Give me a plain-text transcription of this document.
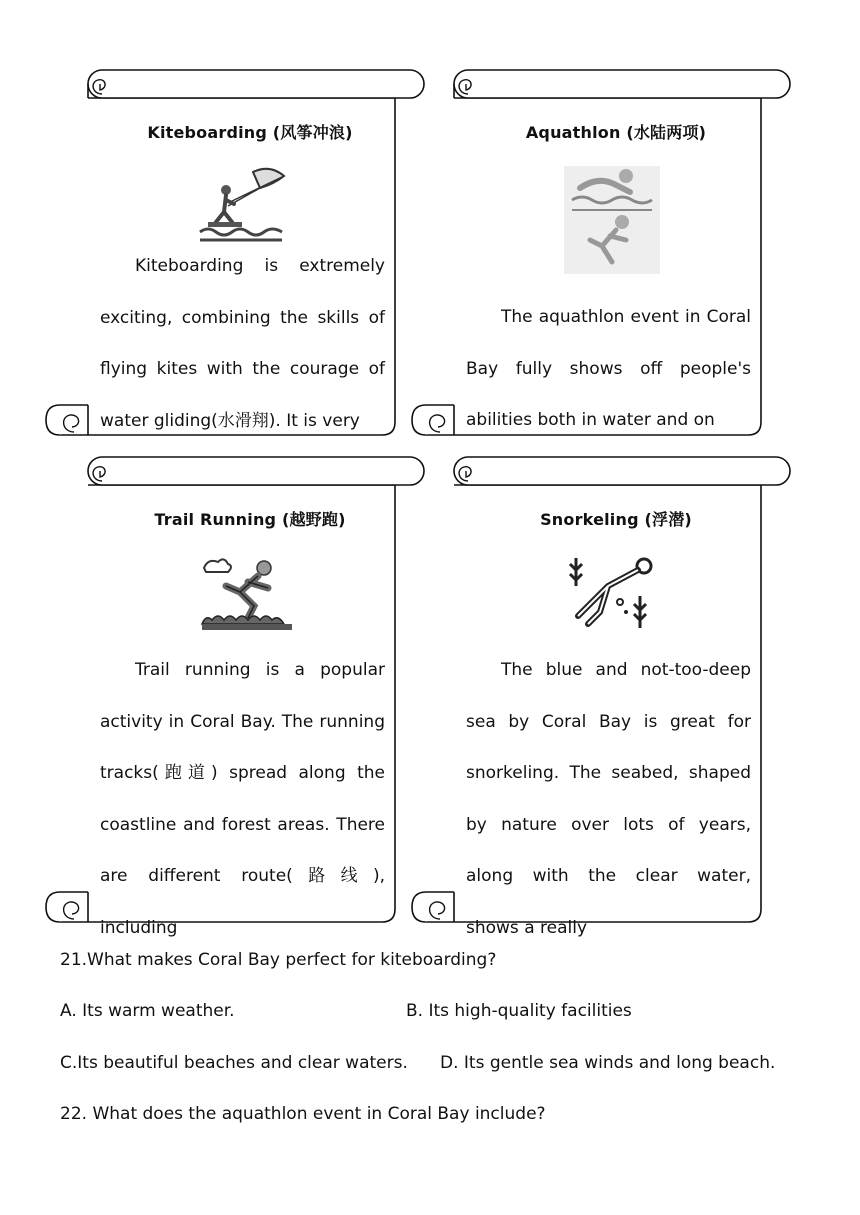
Kiteboarding (风筝冲浪)
Kiteboarding is extremely exciting, combining the skills of flying kites with the courage of water gliding(水滑翔). It is very
Aquathlon (水陆两项)
The aquathlon event in Coral Bay fully shows off people's abilities both in water and on
Trail Running (越野跑)
Trail running is a popular activity in Coral Bay. The running tracks(跑道) spread along the coastline and forest areas. There are different route(路线), including
Snorkeling (浮潜)
The blue and not-too-deep sea by Coral Bay is great for snorkeling. The seabed, shaped by nature over lots of years, along with the clear water, shows a really
21.What makes Coral Bay perfect for kiteboarding?
A. Its warm weather.	B. Its high-quality facilities
C.Its beautiful beaches and clear waters. D. Its gentle sea winds and long beach.
22. What does the aquathlon event in Coral Bay include?
